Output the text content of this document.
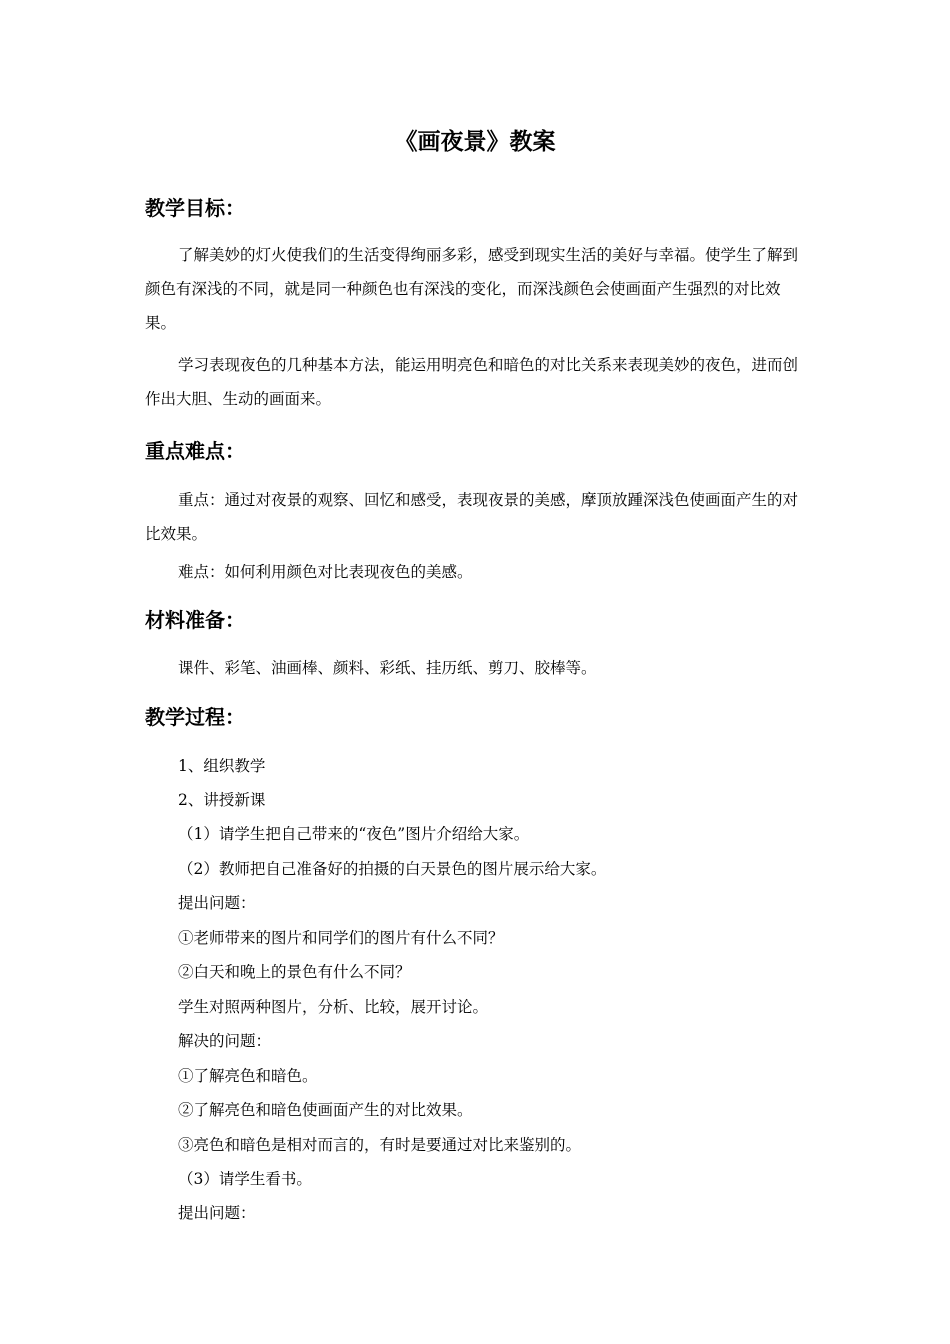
《画夜景》教案
教学目标：

了解美妙的灯火使我们的生活变得绚丽多彩，感受到现实生活的美好与幸福。使学生了解到颜色有深浅的不同，就是同一种颜色也有深浅的变化，而深浅颜色会使画面产生强烈的对比效果。

学习表现夜色的几种基本方法，能运用明亮色和暗色的对比关系来表现美妙的夜色，进而创作出大胆、生动的画面来。

重点难点：

重点：通过对夜景的观察、回忆和感受，表现夜景的美感，摩顶放踵深浅色使画面产生的对比效果。

难点：如何利用颜色对比表现夜色的美感。

材料准备：

课件、彩笔、油画棒、颜料、彩纸、挂历纸、剪刀、胶棒等。

教学过程：
1、组织教学
2、讲授新课
（1）请学生把自己带来的“夜色”图片介绍给大家。
（2）教师把自己准备好的拍摄的白天景色的图片展示给大家。
提出问题：
①老师带来的图片和同学们的图片有什么不同？
②白天和晚上的景色有什么不同？
学生对照两种图片，分析、比较，展开讨论。
解决的问题：
①了解亮色和暗色。
②了解亮色和暗色使画面产生的对比效果。
③亮色和暗色是相对而言的，有时是要通过对比来鉴别的。
（3）请学生看书。
提出问题：
